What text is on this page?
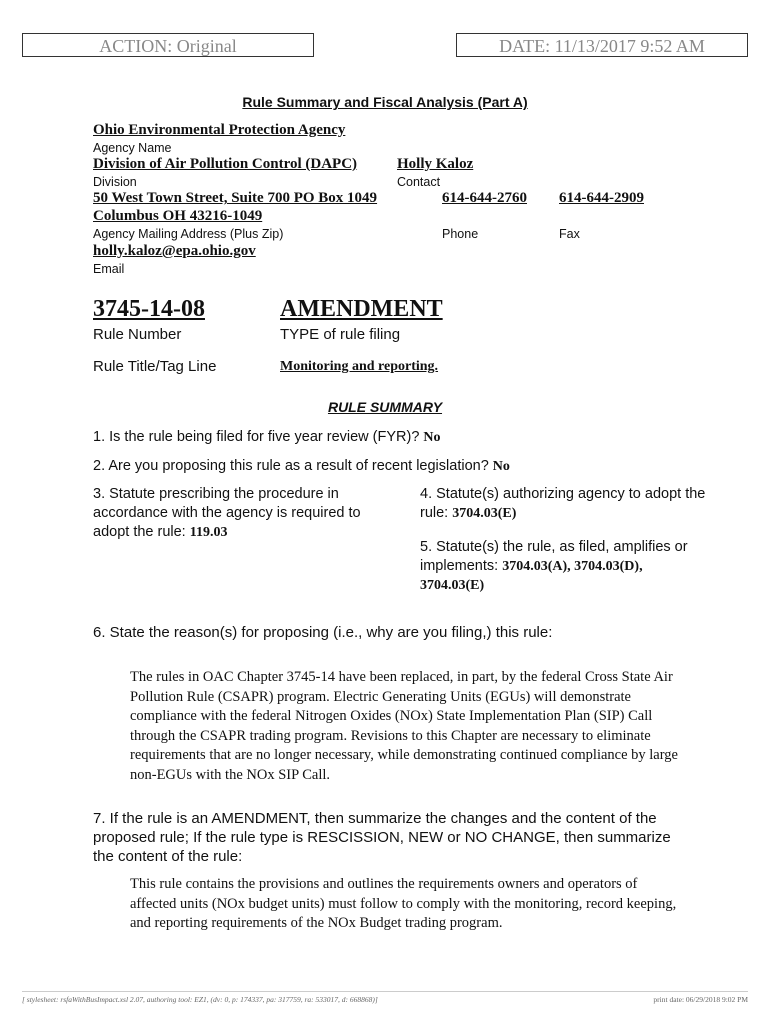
ACTION: Original	DATE: 11/13/2017 9:52 AM
Rule Summary and Fiscal Analysis (Part A)
Ohio Environmental Protection Agency
Agency Name
Division of Air Pollution Control (DAPC)
Division
Holly Kaloz
Contact
50 West Town Street, Suite 700 PO Box 1049
Columbus OH 43216-1049
Agency Mailing Address (Plus Zip)
614-644-2760
Phone
614-644-2909
Fax
holly.kaloz@epa.ohio.gov
Email
3745-14-08
Rule Number
AMENDMENT
TYPE of rule filing
Rule Title/Tag Line	Monitoring and reporting.
RULE SUMMARY
1. Is the rule being filed for five year review (FYR)? No
2. Are you proposing this rule as a result of recent legislation? No
3. Statute prescribing the procedure in accordance with the agency is required to adopt the rule: 119.03
4. Statute(s) authorizing agency to adopt the rule: 3704.03(E)
5. Statute(s) the rule, as filed, amplifies or implements: 3704.03(A), 3704.03(D), 3704.03(E)
6. State the reason(s) for proposing (i.e., why are you filing,) this rule:
The rules in OAC Chapter 3745-14 have been replaced, in part, by the federal Cross State Air Pollution Rule (CSAPR) program. Electric Generating Units (EGUs) will demonstrate compliance with the federal Nitrogen Oxides (NOx) State Implementation Plan (SIP) Call through the CSAPR trading program. Revisions to this Chapter are necessary to eliminate requirements that are no longer necessary, while demonstrating continued compliance by large non-EGUs with the NOx SIP Call.
7. If the rule is an AMENDMENT, then summarize the changes and the content of the proposed rule; If the rule type is RESCISSION, NEW or NO CHANGE, then summarize the content of the rule:
This rule contains the provisions and outlines the requirements owners and operators of affected units (NOx budget units) must follow to comply with the monitoring, record keeping, and reporting requirements of the NOx Budget trading program.
[ stylesheet: rsfaWithBusImpact.xsl 2.07, authoring tool: EZ1, (dv: 0, p: 174337, pa: 317759, ra: 533017, d: 668868)]	print date: 06/29/2018 9:02 PM
